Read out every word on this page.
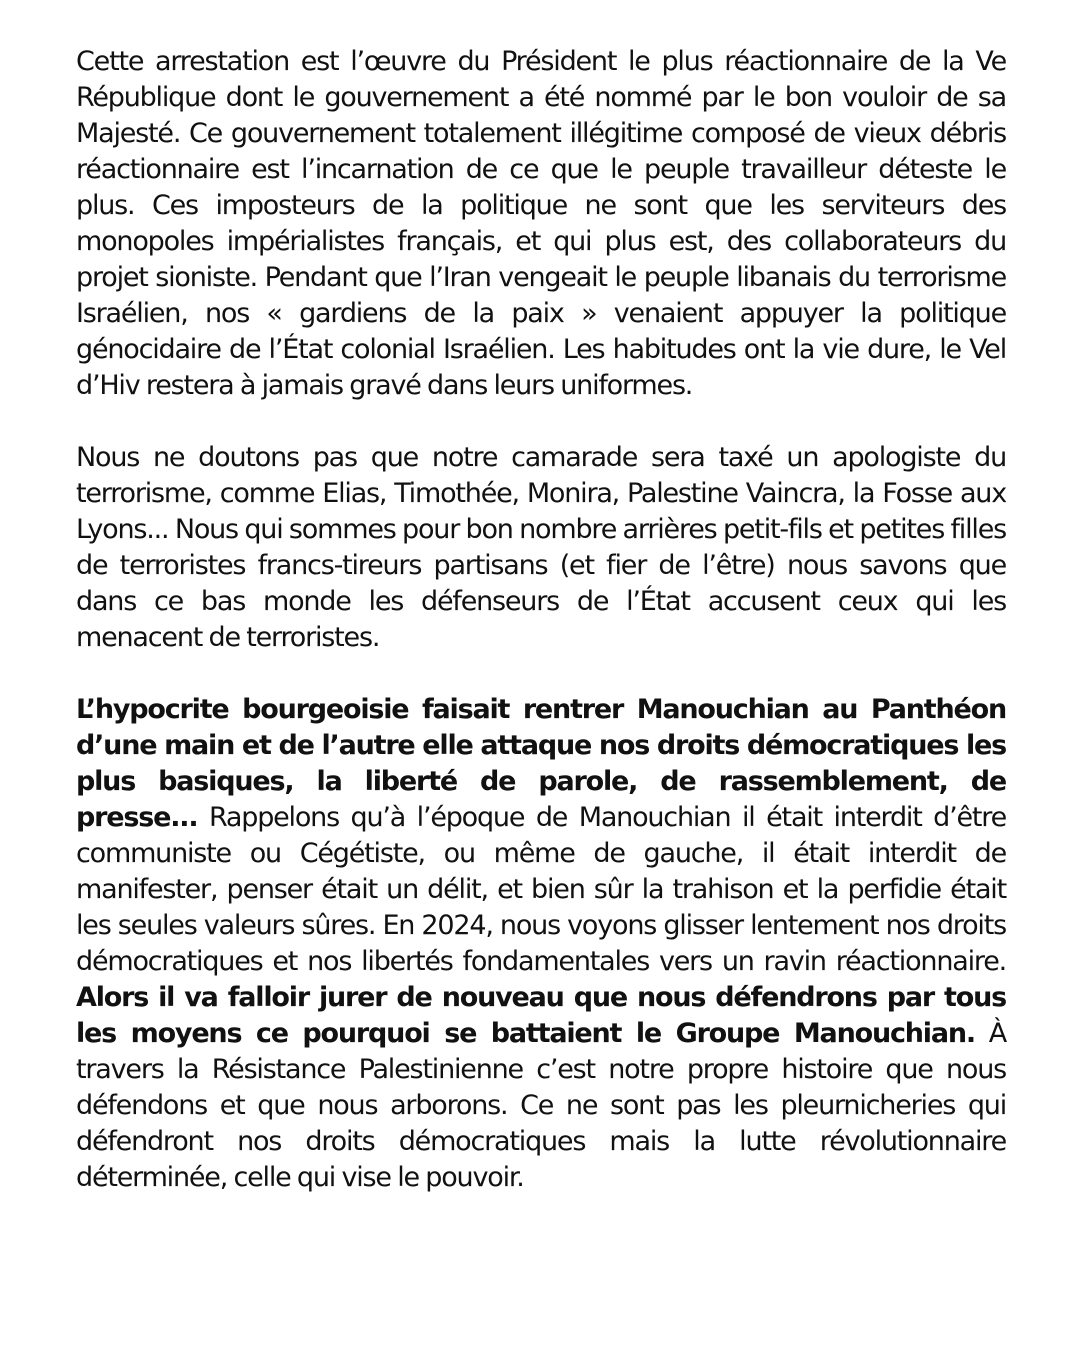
Cette arrestation est l’œuvre du Président le plus réactionnaire de la Ve République dont le gouvernement a été nommé par le bon vouloir de sa Majesté. Ce gouvernement totalement illégitime composé de vieux débris réactionnaire est l’incarnation de ce que le peuple travailleur déteste le plus. Ces imposteurs de la politique ne sont que les serviteurs des monopoles impérialistes français, et qui plus est, des collaborateurs du projet sioniste. Pendant que l’Iran vengeait le peuple libanais du terrorisme Israélien, nos « gardiens de la paix » venaient appuyer la politique génocidaire de l’État colonial Israélien. Les habitudes ont la vie dure, le Vel d’Hiv restera à jamais gravé dans leurs uniformes.

Nous ne doutons pas que notre camarade sera taxé un apologiste du terrorisme, comme Elias, Timothée, Monira, Palestine Vaincra, la Fosse aux Lyons... Nous qui sommes pour bon nombre arrières petit-fils et petites filles de terroristes francs-tireurs partisans (et fier de l’être) nous savons que dans ce bas monde les défenseurs de l’État accusent ceux qui les menacent de terroristes.

L’hypocrite bourgeoisie faisait rentrer Manouchian au Panthéon d’une main et de l’autre elle attaque nos droits démocratiques les plus basiques, la liberté de parole, de rassemblement, de presse... Rappelons qu’à l’époque de Manouchian il était interdit d’être communiste ou Cégétiste, ou même de gauche, il était interdit de manifester, penser était un délit, et bien sûr la trahison et la perfidie était les seules valeurs sûres. En 2024, nous voyons glisser lentement nos droits démocratiques et nos libertés fondamentales vers un ravin réactionnaire. Alors il va falloir jurer de nouveau que nous défendrons par tous les moyens ce pourquoi se battaient le Groupe Manouchian. À travers la Résistance Palestinienne c’est notre propre histoire que nous défendons et que nous arborons. Ce ne sont pas les pleurnicheries qui défendront nos droits démocratiques mais la lutte révolutionnaire déterminée, celle qui vise le pouvoir.
